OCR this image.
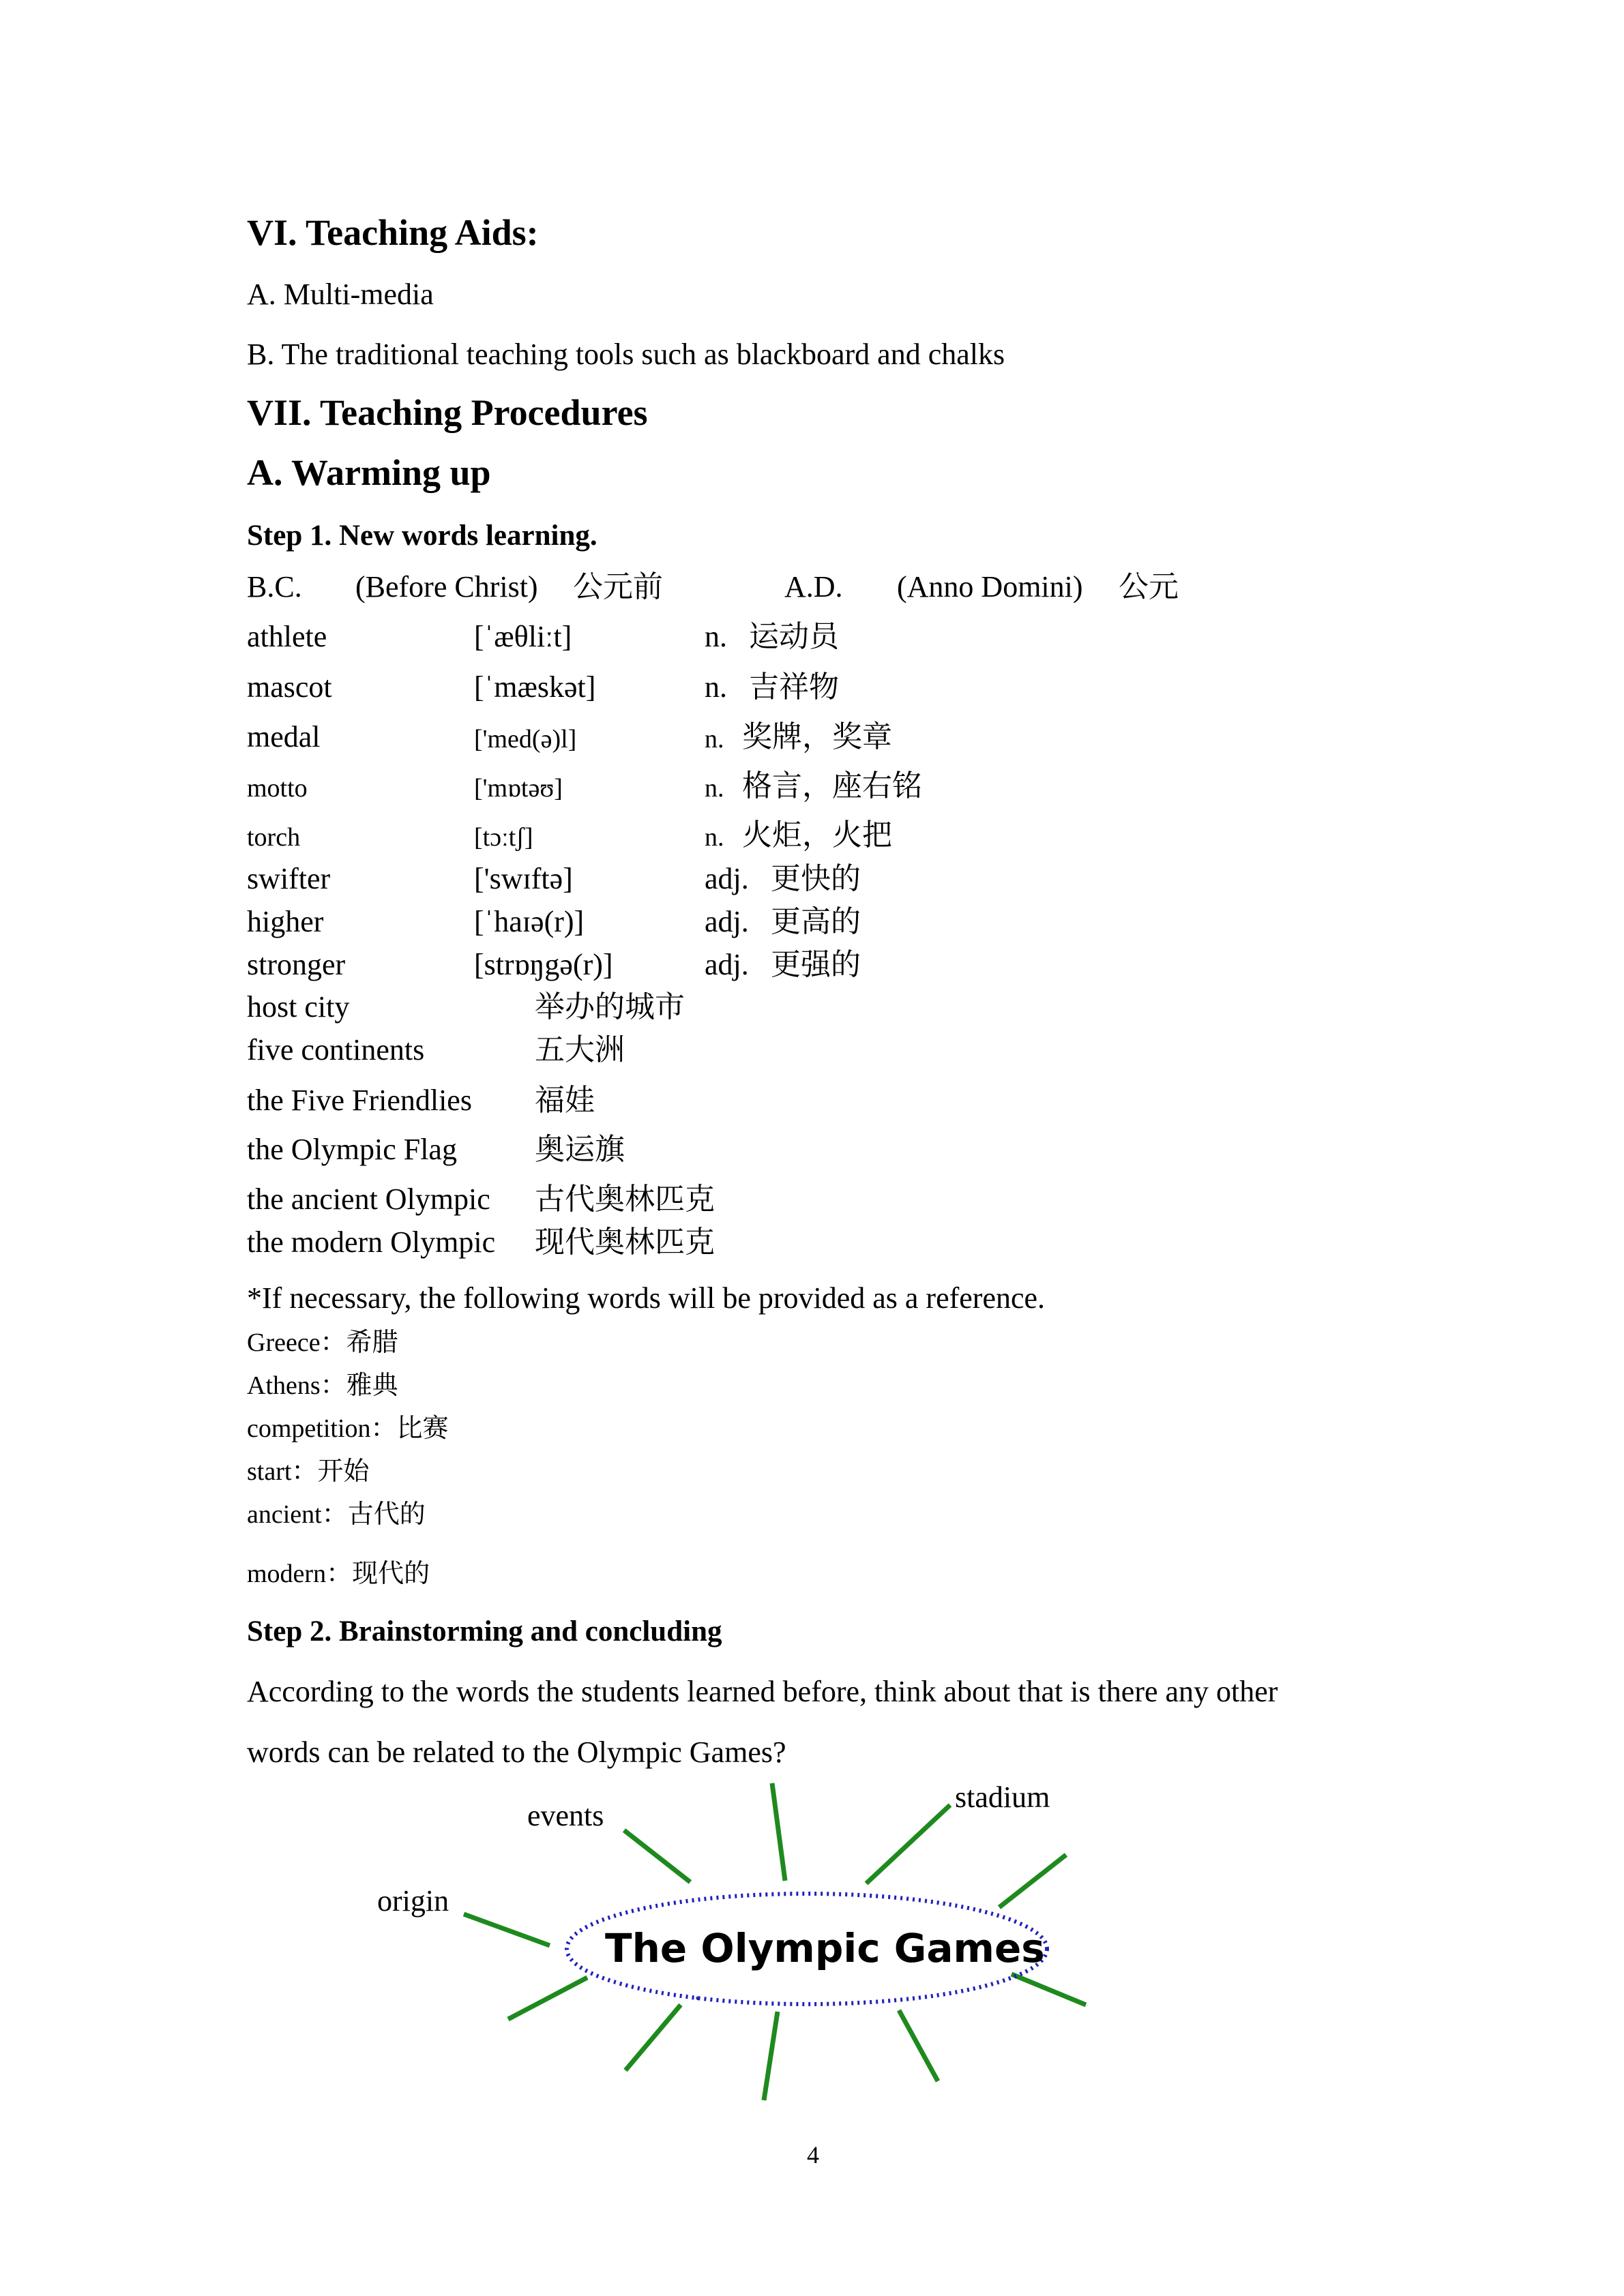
VI. Teaching Aids:
A. Multi-media
B. The traditional teaching tools such as blackboard and chalks
VII. Teaching Procedures
A. Warming up
Step 1. New words learning.
B.C. (Before Christ) 公元前	A.D. (Anno Domini) 公元
athlete	[ˈæθliːt]	n. 运动员
mascot	[ˈmæskət]	n. 吉祥物
medal	['med(ə)l]	n. 奖牌，奖章
motto	['mɒtəʊ]	n. 格言，座右铭
torch	[tɔːtʃ]	n. 火炬，火把
swifter	['swɪftə]	adj. 更快的
higher	[ˈhaɪə(r)]	adj. 更高的
stronger	[strɒŋgə(r)]	adj. 更强的
host city	举办的城市
five continents	五大洲
the Five Friendlies 福娃
the Olympic Flag	奥运旗
the ancient Olympic 古代奥林匹克
the modern Olympic 现代奥林匹克
*If necessary, the following words will be provided as a reference.
Greece：希腊
Athens：雅典
competition：比赛
start：开始
ancient：古代的
modern：现代的
Step 2. Brainstorming and concluding
According to the words the students learned before, think about that is there any other
words can be related to the Olympic Games?
The Olympic Games
events
stadium
origin
4
